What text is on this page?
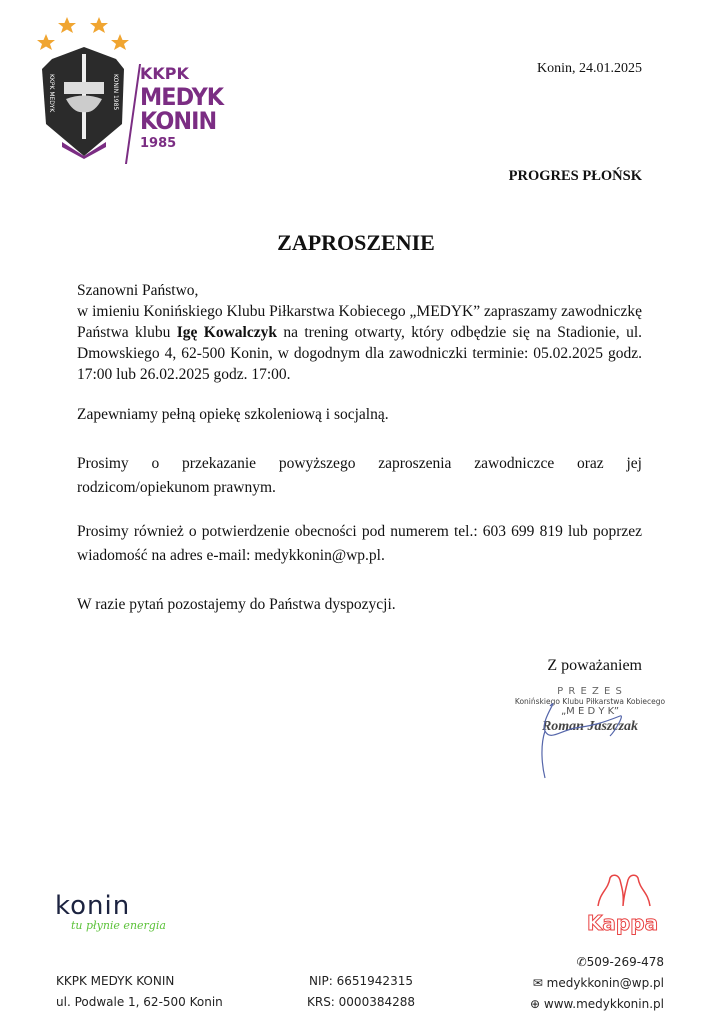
KKPK MEDYK	KONIN 1985
KKPK
MEDYK KONIN
1985
Konin, 24.01.2025
PROGRES PŁOŃSK
ZAPROSZENIE

Szanowni Państwo,

w imieniu Konińskiego Klubu Piłkarstwa Kobiecego „MEDYK” zapraszamy zawodniczkę Państwa klubu Igę Kowalczyk na trening otwarty, który odbędzie się na Stadionie, ul. Dmowskiego 4, 62-500 Konin, w dogodnym dla zawodniczki terminie: 05.02.2025 godz. 17:00 lub 26.02.2025 godz. 17:00.

Zapewniamy pełną opiekę szkoleniową i socjalną.
Prosimy o przekazanie powyższego zaproszenia zawodniczce oraz jej rodzicom/opiekunom prawnym.
Prosimy również o potwierdzenie obecności pod numerem tel.: 603 699 819 lub poprzez wiadomość na adres e-mail: medykkonin@wp.pl.
W razie pytań pozostajemy do Państwa dyspozycji.
Z poważaniem
P R E Z E S
Konińskiego Klubu Piłkarstwa Kobiecego
„M E D Y K”
Roman Jaszczak
konin
tu płynie energia	Kappa
KKPK MEDYK KONIN
ul. Podwale 1, 62-500 Konin
NIP: 6651942315
KRS: 0000384288
✆509-269-478
✉ medykkonin@wp.pl
⊕ www.medykkonin.pl
